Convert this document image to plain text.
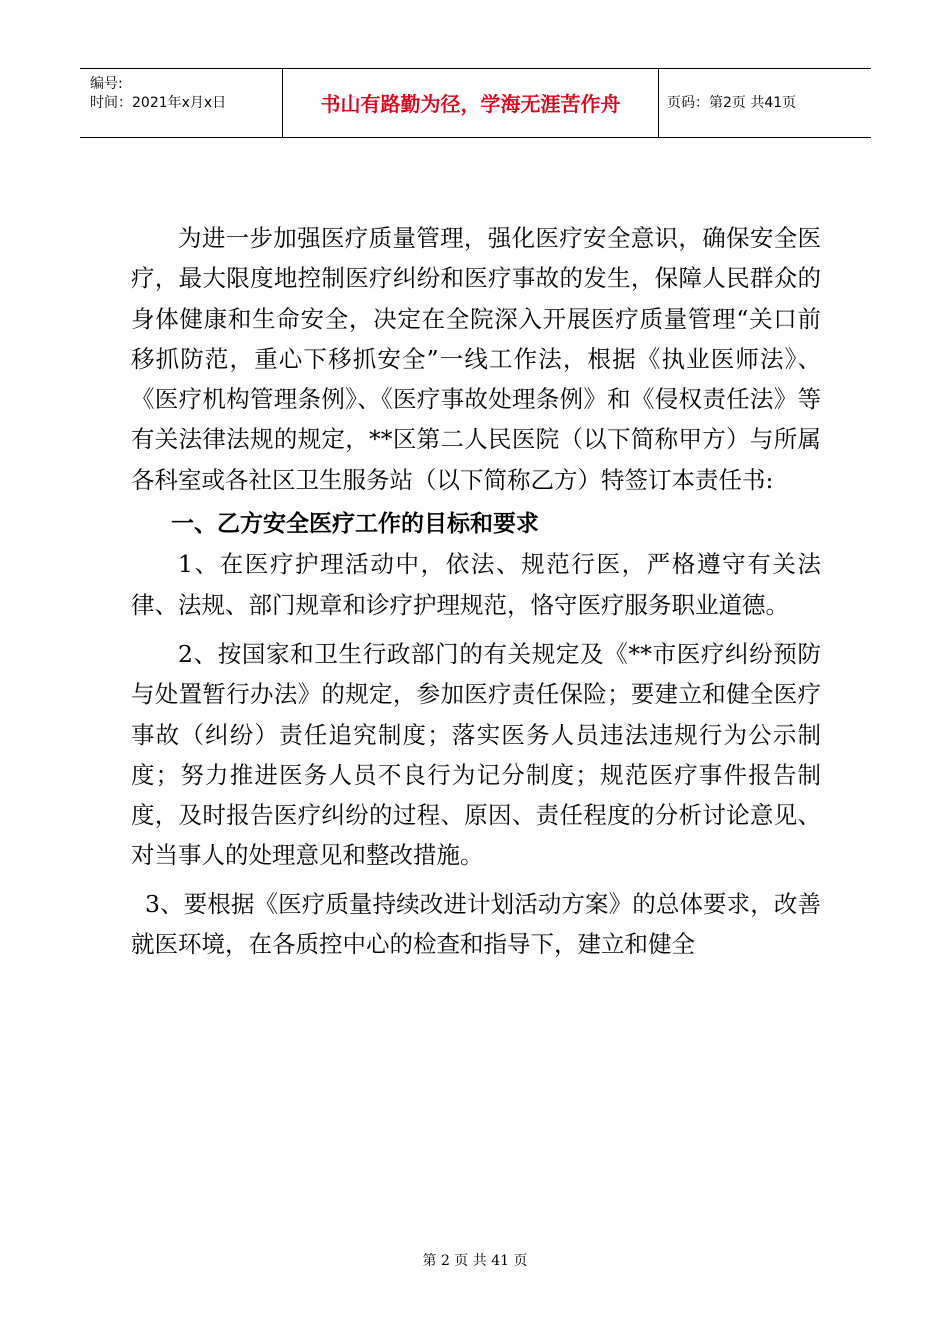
编号:
时间：2021年x月x日	书山有路勤为径，学海无涯苦作舟	页码：第2页 共41页

为进一步加强医疗质量管理，强化医疗安全意识，确保安全医疗，最大限度地控制医疗纠纷和医疗事故的发生，保障人民群众的身体健康和生命安全，决定在全院深入开展医疗质量管理“关口前移抓防范，重心下移抓安全”一线工作法，根据《执业医师法》、《医疗机构管理条例》、《医疗事故处理条例》和《侵权责任法》等有关法律法规的规定，**区第二人民医院（以下简称甲方）与所属各科室或各社区卫生服务站（以下简称乙方）特签订本责任书:

一、乙方安全医疗工作的目标和要求

1、在医疗护理活动中，依法、规范行医，严格遵守有关法律、法规、部门规章和诊疗护理规范，恪守医疗服务职业道德。

2、按国家和卫生行政部门的有关规定及《**市医疗纠纷预防与处置暂行办法》的规定，参加医疗责任保险；要建立和健全医疗事故（纠纷）责任追究制度；落实医务人员违法违规行为公示制度；努力推进医务人员不良行为记分制度；规范医疗事件报告制度，及时报告医疗纠纷的过程、原因、责任程度的分析讨论意见、对当事人的处理意见和整改措施。

3、要根据《医疗质量持续改进计划活动方案》的总体要求，改善就医环境，在各质控中心的检查和指导下，建立和健全

第 2 页 共 41 页
